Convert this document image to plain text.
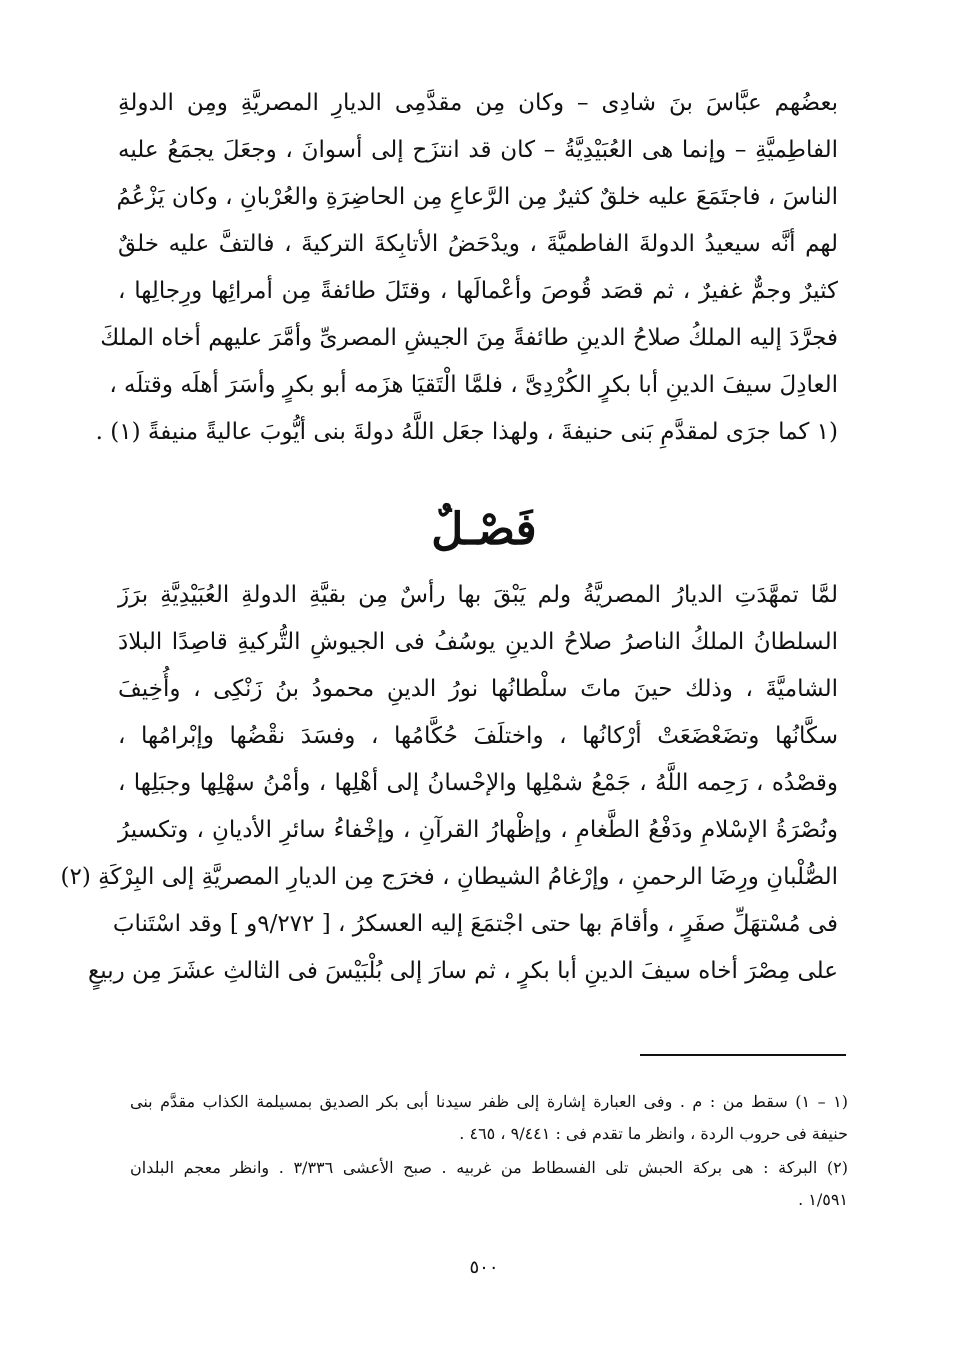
بعضُهم عبَّاسَ بنَ شادِى – وكان مِن مقدَّمِى الديارِ المصريَّةِ ومِن الدولةِ
الفاطِميَّةِ – وإنما هى العُبَيْدِيَّةُ – كان قد انتزَح إلى أسوانَ ، وجعَلَ يجمَعُ عليه
الناسَ ، فاجتَمَعَ عليه خلقٌ كثيرٌ مِن الرَّعاعِ مِن الحاضِرَةِ والعُرْبانِ ، وكان يَزْعُمُ
لهم أنَّه سيعيدُ الدولةَ الفاطميَّةَ ، ويدْحَضُ الأتابِكةَ التركيةَ ، فالتفَّ عليه خلقٌ
كثيرٌ وجمٌّ غفيرٌ ، ثم قصَد قُوصَ وأعْمالَها ، وقتَلَ طائفةً مِن أمرائِها ورِجالِها ،
فجرَّدَ إليه الملكُ صلاحُ الدينِ طائفةً مِنَ الجيشِ المصرىِّ وأمَّرَ عليهم أخاه الملكَ
العادِلَ سيفَ الدينِ أبا بكرٍ الكُرْدِىَّ ، فلمَّا الْتَقيَا هزَمه أبو بكرٍ وأسَرَ أهلَه وقتلَه ،
(١ كما جرَى لمقدَّمِ بَنى حنيفةَ ، ولهذا جعَل اللَّهُ دولةَ بنى أيُّوبَ عاليةً منيفةً (١) .
فَصْـلٌ
لمَّا تمهَّدَتِ الديارُ المصريَّةُ ولم يَبْقَ بها رأسٌ مِن بقيَّةِ الدولةِ العُبَيْدِيَّةِ برَزَ
السلطانُ الملكُ الناصرُ صلاحُ الدينِ يوسُفُ فى الجيوشِ التُّركيةِ قاصِدًا البلادَ
الشاميَّةَ ، وذلك حينَ ماتَ سلْطانُها نورُ الدينِ محمودُ بنُ زَنْكِى ، وأُخِيفَ
سكَّانُها وتضَعْضَعَتْ أرْكانُها ، واختلَفَ حُكَّامُها ، وفسَدَ نقْضُها وإبْرامُها ،
وقصْدُه ، رَحِمه اللَّهُ ، جَمْعُ شمْلِها والإحْسانُ إلى أهْلِها ، وأمْنُ سهْلِها وجبَلِها ،
ونُصْرَةُ الإسْلامِ ودَفْعُ الطَّغامِ ، وإظْهارُ القرآنِ ، وإخْفاءُ سائرِ الأديانِ ، وتكسيرُ
الصُّلْبانِ ورِضَا الرحمنِ ، وإرْغامُ الشيطانِ ، فخرَج مِن الديارِ المصريَّةِ إلى البِرْكَةِ (٢)
فى مُسْتهَلِّ صفَرٍ ، وأقامَ بها حتى اجْتمَعَ إليه العسكرُ ، [ ٩/٢٧٢و ] وقد اسْتَنابَ
على مِصْرَ أخاه سيفَ الدينِ أبا بكرٍ ، ثم سارَ إلى بُلْبَيْسَ فى الثالثِ عشَرَ مِن ربيعٍ
(١ – ١) سقط من : م . وفى العبارة إشارة إلى ظفر سيدنا أبى بكر الصديق بمسيلمة الكذاب مقدَّم بنى
حنيفة فى حروب الردة ، وانظر ما تقدم فى : ٩/٤٤١ ، ٤٦٥ .
(٢) البركة : هى بركة الحبش تلى الفسطاط من غربيه . صبح الأعشى ٣/٣٣٦ . وانظر معجم البلدان
١/٥٩١ .
٥٠٠
